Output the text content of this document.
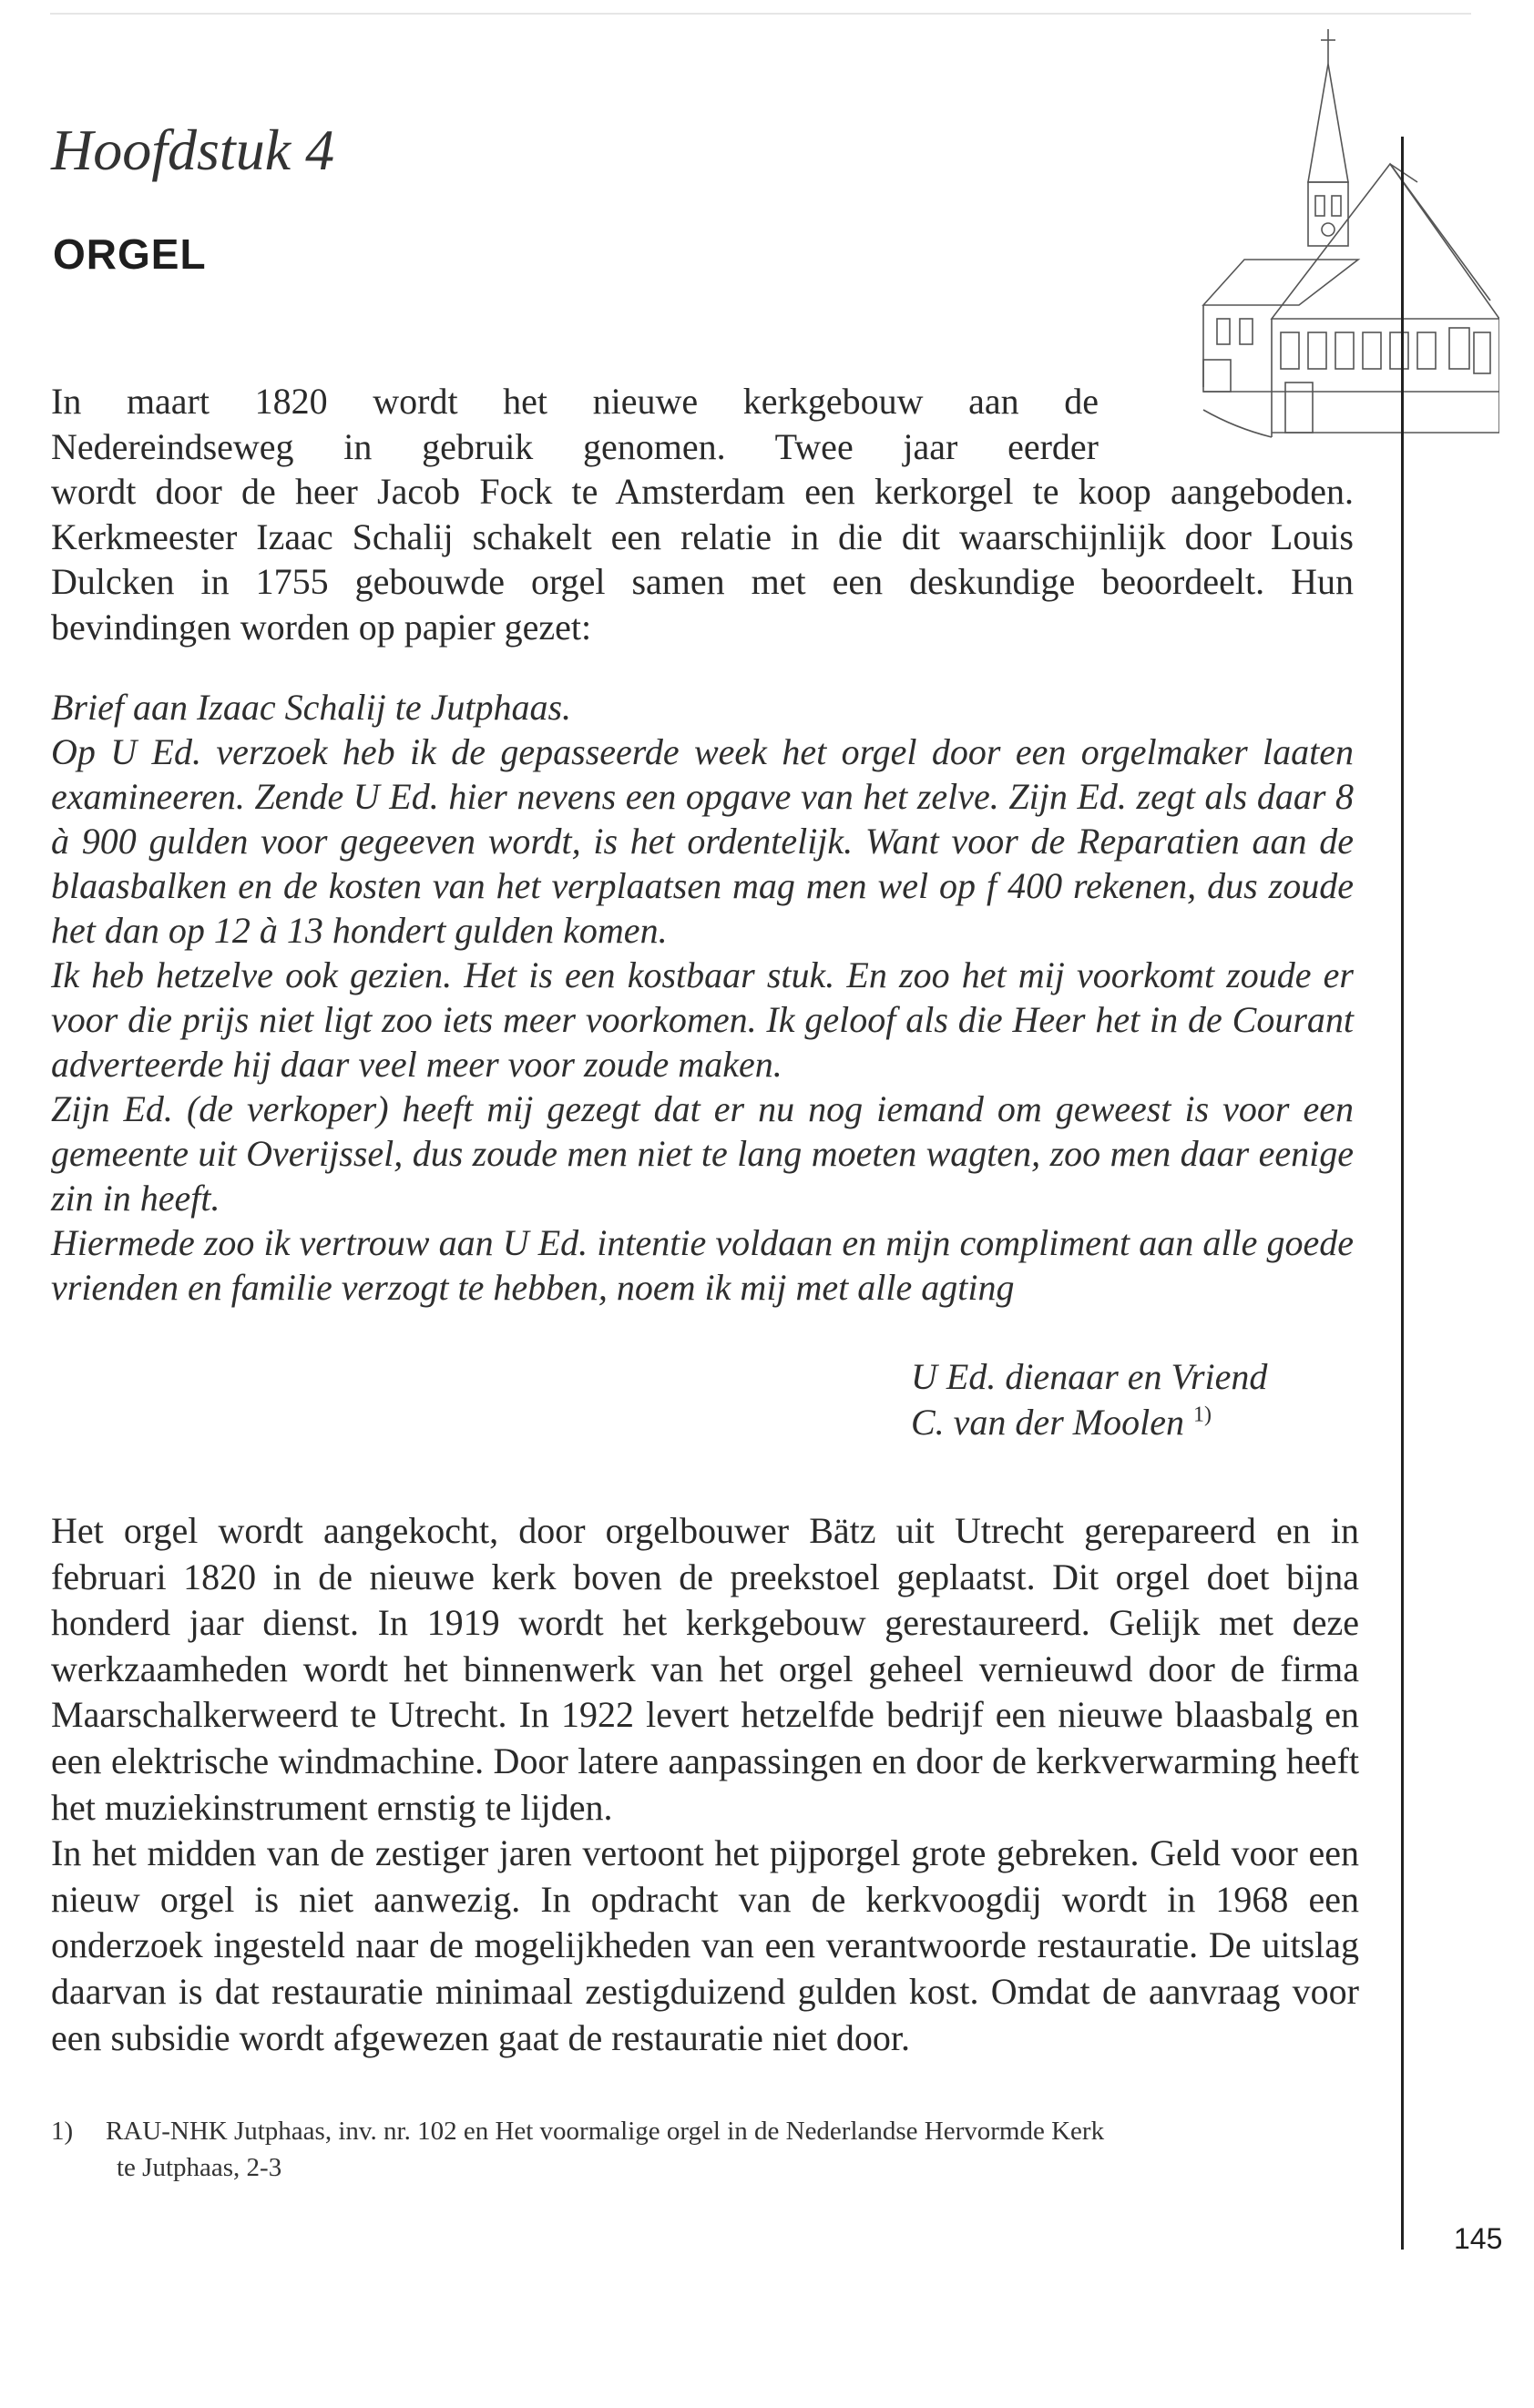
Hoofdstuk 4
ORGEL
In maart 1820 wordt het nieuwe kerkgebouw aan de
Nedereindseweg in gebruik genomen. Twee jaar eerder
wordt door de heer Jacob Fock te Amsterdam een kerkorgel te koop aangeboden. Kerkmeester Izaac Schalij schakelt een relatie in die dit waarschijnlijk door Louis Dulcken in 1755 gebouwde orgel samen met een deskundige beoordeelt. Hun bevindingen worden op papier gezet:

Brief aan Izaac Schalij te Jutphaas.

Op U Ed. verzoek heb ik de gepasseerde week het orgel door een orgelmaker laaten examineeren. Zende U Ed. hier nevens een opgave van het zelve. Zijn Ed. zegt als daar 8 à 900 gulden voor gegeeven wordt, is het ordentelijk. Want voor de Reparatien aan de blaasbalken en de kosten van het verplaatsen mag men wel op f 400 rekenen, dus zoude het dan op 12 à 13 hondert gulden komen.

Ik heb hetzelve ook gezien. Het is een kostbaar stuk. En zoo het mij voorkomt zoude er voor die prijs niet ligt zoo iets meer voorkomen. Ik geloof als die Heer het in de Courant adverteerde hij daar veel meer voor zoude maken.

Zijn Ed. (de verkoper) heeft mij gezegt dat er nu nog iemand om geweest is voor een gemeente uit Overijssel, dus zoude men niet te lang moeten wagten, zoo men daar eenige zin in heeft.

Hiermede zoo ik vertrouw aan U Ed. intentie voldaan en mijn compliment aan alle goede vrienden en familie verzogt te hebben, noem ik mij met alle agting

U Ed. dienaar en Vriend
C. van der Moolen $^{1)}$

Het orgel wordt aangekocht, door orgelbouwer Bätz uit Utrecht gerepareerd en in februari 1820 in de nieuwe kerk boven de preekstoel geplaatst. Dit orgel doet bijna honderd jaar dienst. In 1919 wordt het kerkgebouw gerestaureerd. Gelijk met deze werkzaamheden wordt het binnenwerk van het orgel geheel vernieuwd door de firma Maarschalkerweerd te Utrecht. In 1922 levert hetzelfde bedrijf een nieuwe blaasbalg en een elektrische windmachine. Door latere aanpassingen en door de kerkverwarming heeft het muziekinstrument ernstig te lijden.

In het midden van de zestiger jaren vertoont het pijporgel grote gebreken. Geld voor een nieuw orgel is niet aanwezig. In opdracht van de kerkvoogdij wordt in 1968 een onderzoek ingesteld naar de mogelijkheden van een verantwoorde restauratie. De uitslag daarvan is dat restauratie minimaal zestigduizend gulden kost. Omdat de aanvraag voor een subsidie wordt afgewezen gaat de restauratie niet door.

1) RAU-NHK Jutphaas, inv. nr. 102 en Het voormalige orgel in de Nederlandse Hervormde Kerk
te Jutphaas, 2-3
145
